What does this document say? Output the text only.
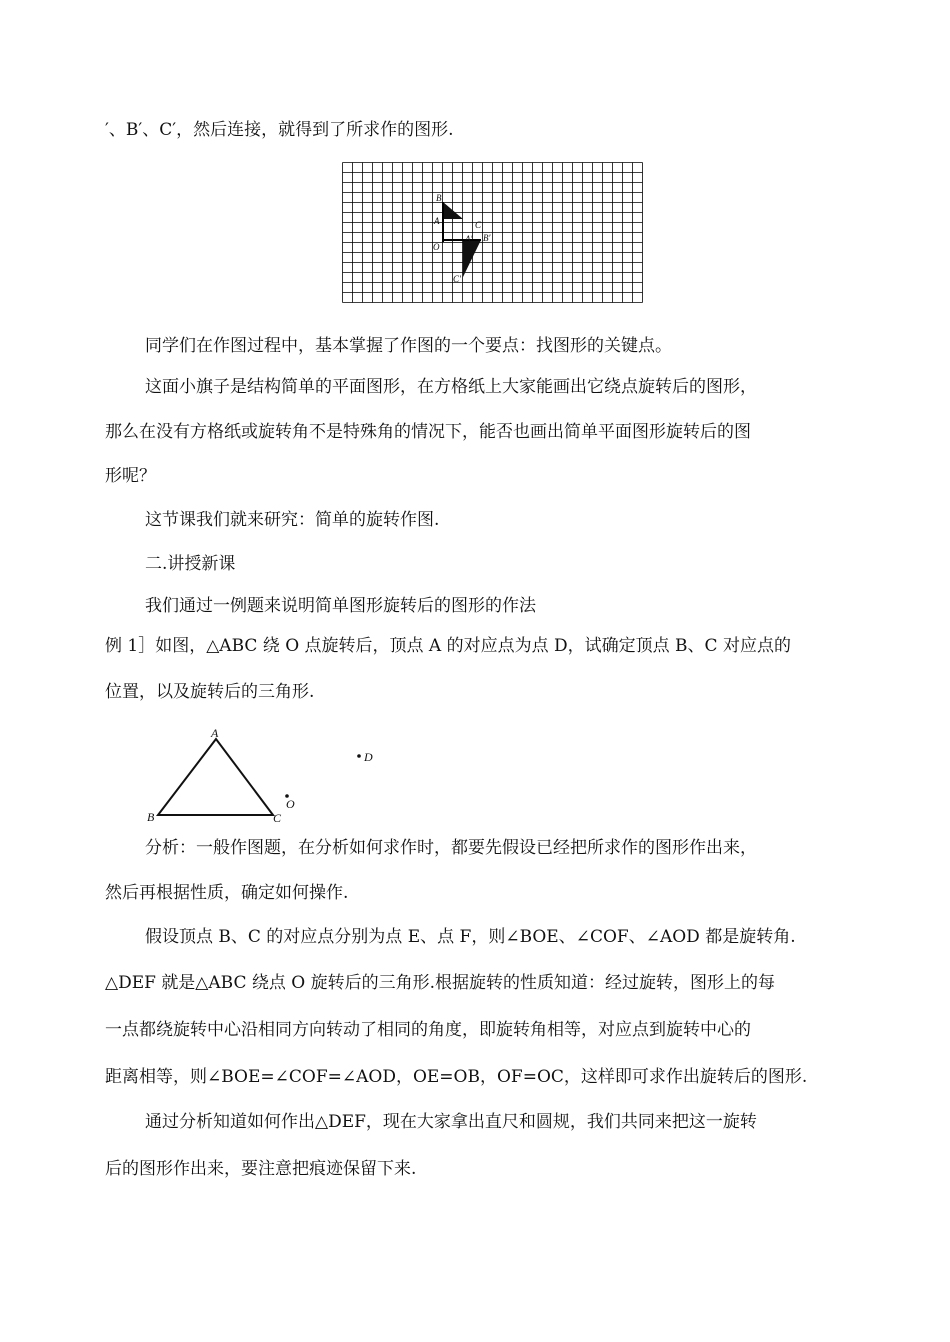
′、B′、C′，然后连接，就得到了所求作的图形.
B
A	C
O
A′ B′
C′
同学们在作图过程中，基本掌握了作图的一个要点：找图形的关键点。
这面小旗子是结构简单的平面图形，在方格纸上大家能画出它绕点旋转后的图形，
那么在没有方格纸或旋转角不是特殊角的情况下，能否也画出简单平面图形旋转后的图
形呢？
这节课我们就来研究：简单的旋转作图.
二.讲授新课
我们通过一例题来说明简单图形旋转后的图形的作法
例 1］如图，△ABC 绕 O 点旋转后，顶点 A 的对应点为点 D，试确定顶点 B、C 对应点的
位置，以及旋转后的三角形.
A
B	C
O
D
分析：一般作图题，在分析如何求作时，都要先假设已经把所求作的图形作出来，
然后再根据性质，确定如何操作.
假设顶点 B、C 的对应点分别为点 E、点 F，则∠BOE、∠COF、∠AOD 都是旋转角.
△DEF 就是△ABC 绕点 O 旋转后的三角形.根据旋转的性质知道：经过旋转，图形上的每
一点都绕旋转中心沿相同方向转动了相同的角度，即旋转角相等，对应点到旋转中心的
距离相等，则∠BOE=∠COF=∠AOD，OE=OB，OF=OC，这样即可求作出旋转后的图形.
通过分析知道如何作出△DEF，现在大家拿出直尺和圆规，我们共同来把这一旋转
后的图形作出来，要注意把痕迹保留下来.
